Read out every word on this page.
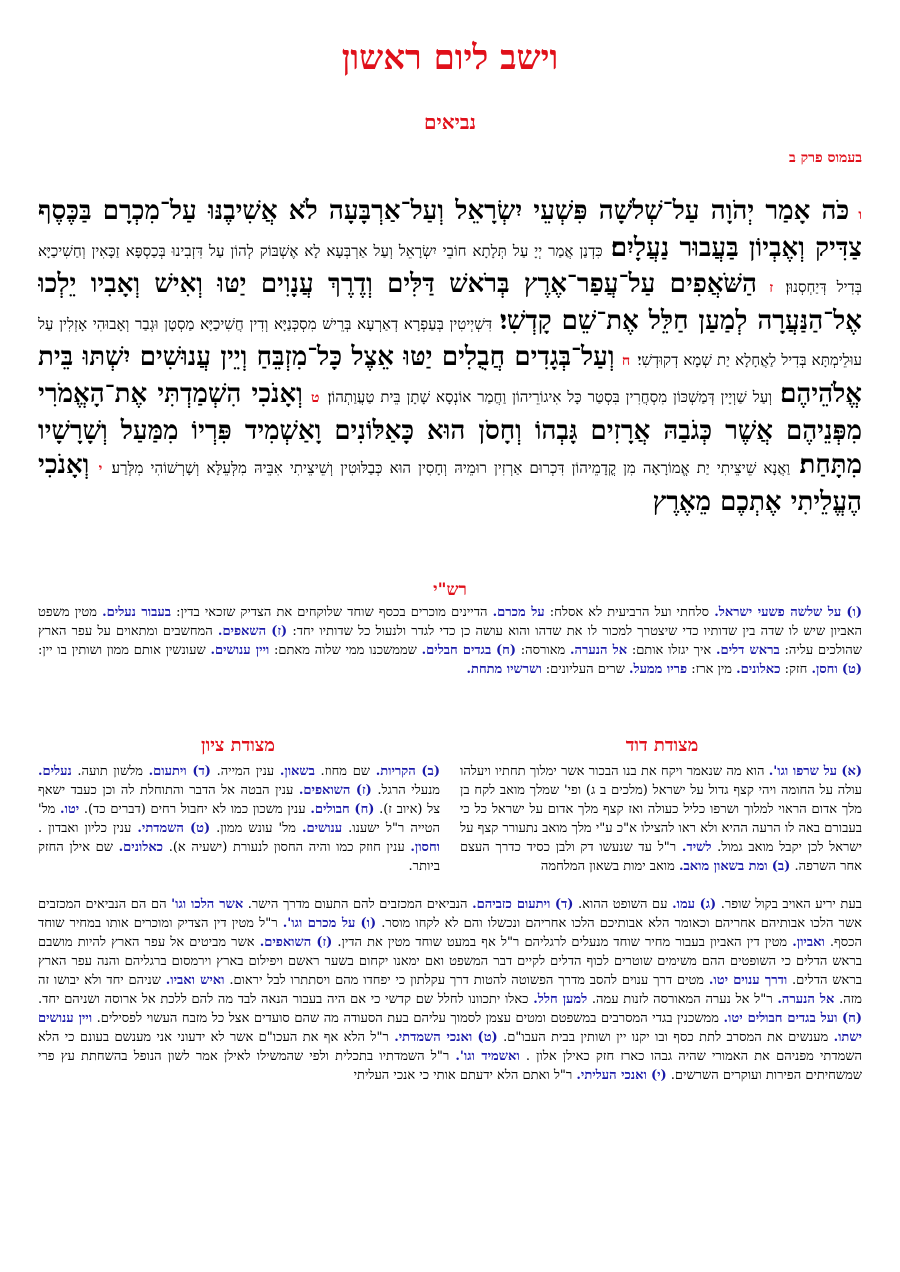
וישב ליום ראשון
נביאים
בעמוס פרק ב
ו כֹּה אָמַר יְהֹוָה עַל־שְׁלֹשָׁה פִּשְׁעֵי יִשְׂרָאֵל וְעַל־אַרְבָּעָה לֹא אֲשִׁיבֶנּוּ עַל־מִכְרָם בַּכֶּסֶף צַדִּיק וְאֶבְיוֹן בַּעֲבוּר נַעֲלָיִם׃ כִּדְנַן אֲמַר יְיָ עַל תְּלָתָא חוֹבֵי יִשְׂרָאֵל וְעַל אַרְבְּעָא לָא אֶשְׁבּוֹק לְהוֹן עַל דִּזְבִינוּ בְּכַסְפָּא זַכָּאִין וְחַשִׁיכַיָּא בְּדִיל דְּיַחְסְנוּן׃ ז הַשֹּׁאֲפִים עַל־עֲפַר־אֶרֶץ בְּרֹאשׁ דַּלִּים וְדֶרֶךְ עֲנָוִים יַטּוּ וְאִישׁ וְאָבִיו יֵלְכוּ אֶל־הַנַּעֲרָה לְמַעַן חַלֵּל אֶת־שֵׁם קָדְשִׁי׃ דִּשְׁיְיטִין בְּעַפְרָא דְאַרְעָא בְּרֵישׁ מִסְכְּנַיָּא וְדִין חֲשִׁיכַיָּא מַסְטָן וּגְבַר וְאָבוּהִי אָזְלִין עַל עוּלֵימְתָּא בְּדִיל לַאֲחָלָא יַת שְׁמָא דְקוּדְשִׁי׃ ח וְעַל־בְּגָדִים חֲבֻלִים יַטּוּ אֵצֶל כָּל־מִזְבֵּחַ וְיֵין עֲנוּשִׁים יִשְׁתּוּ בֵּית אֱלֹהֵיהֶם׃ וְעַל שַׁוְיָין דְּמַשְׁכּוֹן מִסְחֲרִין בִּסְטַר כָּל אִיגוֹרֵיהוֹן וַחֲמַר אוֹנְסָא שָׁתָן בֵּית טַעֲוַתְהוֹן׃ ט וְאָנֹכִי הִשְׁמַדְתִּי אֶת־הָאֱמֹרִי מִפְּנֵיהֶם אֲשֶׁר כְּגֹבַהּ אֲרָזִים גָּבְהוֹ וְחָסֹן הוּא כָּאַלּוֹנִים וָאַשְׁמִיד פִּרְיוֹ מִמַּעַל וְשָׁרָשָׁיו מִתָּחַת׃ וַאֲנָא שֵׁיצֵיתִי יַת אֱמוֹרָאָה מִן קֳדָמֵיהוֹן דִּכְרוּם אַרְזִין רוּמֵיהּ וְחָסִין הוּא כְּבַלּוּטִין וְשֵׁיצֵיתִי אִבֵּיהּ מִלְּעֵלָּא וְשָׁרְשׁוֹהִי מִלְּרַע׃ י וְאָנֹכִי הֶעֱלֵיתִי אֶתְכֶם מֵאֶרֶץ
רש"י
(ו) על שלשה פשעי ישראל. סלחתי ועל הרביעית לא אסלח: על מכרם. הדיינים מוכרים בכסף שוחד שלוקחים את הצדיק שזכאי בדין: בעבור נעלים. מטין משפט האביון שיש לו שדה בין שדותיו כדי שיצטרך למכור לו את שדהו והוא עושה כן כדי לגדר ולנעול כל שדותיו יחד: (ז) השאפים. המחשבים ומתאוים על עפר הארץ שהולכים עליה: בראש דלים. איך יגזלו אותם: אל הנערה. מאורסה: (ח) בגדים חבלים. שממשכנו ממי שלוה מאתם: ויין ענושים. שעונשין אותם ממון ושותין בו יין: (ט) וחסן. חזק: כאלונים. מין ארז: פריו ממעל. שרים העליונים: ושרשיו מתחת.
מצודת דוד
מצודת ציון
(א) על שרפו וגו'. הוא מה שנאמר ויקח את בנו הבכור אשר ימלוך תחתיו ויעלהו עולה על החומה ויהי קצף גדול על ישראל (מלכים ב ג) ופי' שמלך מואב לקח בן מלך אדום הראוי למלוך ושרפו כליל כעולה ואז קצף מלך אדום על ישראל כל כי בעבורם באה לו הרעה ההיא ולא ראו להצילו א"כ ע"י מלך מואב נתעורר קצף על ישראל לכן יקבל מואב גמול. לשיד. ר"ל עד שנעשו דק ולבן כסיד כדרך העצם אחר השרפה. (ב) ומת בשאון מואב. מואב ימות בשאון המלחמה
(ב) הקריות. שם מחוז. בשאון. ענין המייה. (ד) ויתעום. מלשון תועה. נעלים. מנעלי הרגל. (ז) השואפים. ענין הבטה אל הדבר והתוחלת לה וכן כעבד ישאף צל (איוב ז). (ח) חבולים. ענין משכון כמו לא יחבול רחים (דברים כד). יטו. מל' הטייה ר"ל ישענו. ענושים. מל' עונש ממון. (ט) השמדתי. ענין כליון ואבדון . וחסון. ענין חוזק כמו והיה החסון לנעורת (ישעיה א). כאלונים. שם אילן החזק ביותר.
בעת יריע האויב בקול שופר. (ג) עמו. עם השופט ההוא. (ד) ויתעום כזביהם. הנביאים המכזבים להם התעום מדרך הישר. אשר הלכו וגו' הם הם הנביאים המכזבים אשר הלכו אבותיהם אחריהם וכאומר הלא אבותיכם הלכו אחריהם ונכשלו והם לא לקחו מוסר. (ו) על מכרם וגו'. ר"ל מטין דין הצדיק ומוכרים אותו במחיר שוחד הכסף. ואביון. מטין דין האביון בעבור מחיר שוחד מנעלים לרגליהם ר"ל אף במעט שוחד מטין את הדין. (ז) השואפים. אשר מביטים אל עפר הארץ להיות מושבם בראש הדלים כי השופטים ההם משימים שוטרים לכוף הדלים לקיים דבר המשפט ואם ימאנו יקחום בשער ראשם ויפילום בארץ וירמסום ברגליהם והנה עפר הארץ בראש הדלים. ודרך ענוים יטו. מטים דרך ענוים להסב מדרך הפשוטה להטות דרך עקלתון כי יפחדו מהם ויסתתרו לבל יראום. ואיש ואביו. שניהם יחד ולא יבושו זה מזה. אל הנערה. ר"ל אל נערה המאורסה לזנות עמה. למען חלל. כאלו יתכוונו לחלל שם קדשי כי אם היה בעבור הנאה לבד מה להם ללכת אל ארוסה ושניהם יחד. (ח) ועל בגדים חבולים יטו. ממשכנין בגדי המסרבים במשפטם ומטים עצמן לסמוך עליהם בעת הסעודה מה שהם סועדים אצל כל מזבח העשוי לפסילים. ויין ענושים ישתו. מענשים את המסרב לתת כסף ובו יקנו יין ושותין בבית העבו"ם. (ט) ואנכי השמדתי. ר"ל הלא אף את העכו"ם אשר לא ידעוני אני מענשם בעונם כי הלא השמדתי מפניהם את האמורי שהיה גבהו כארז חזק כאילן אלון . ואשמיד וגו'. ר"ל השמדתיו בתכלית ולפי שהמשילו לאילן אמר לשון הנופל בהשחתת עץ פרי שמשחיתים הפירות ועוקרים השרשים. (י) ואנכי העליתי. ר"ל ואתם הלא ידעתם אותי כי אנכי העליתי
